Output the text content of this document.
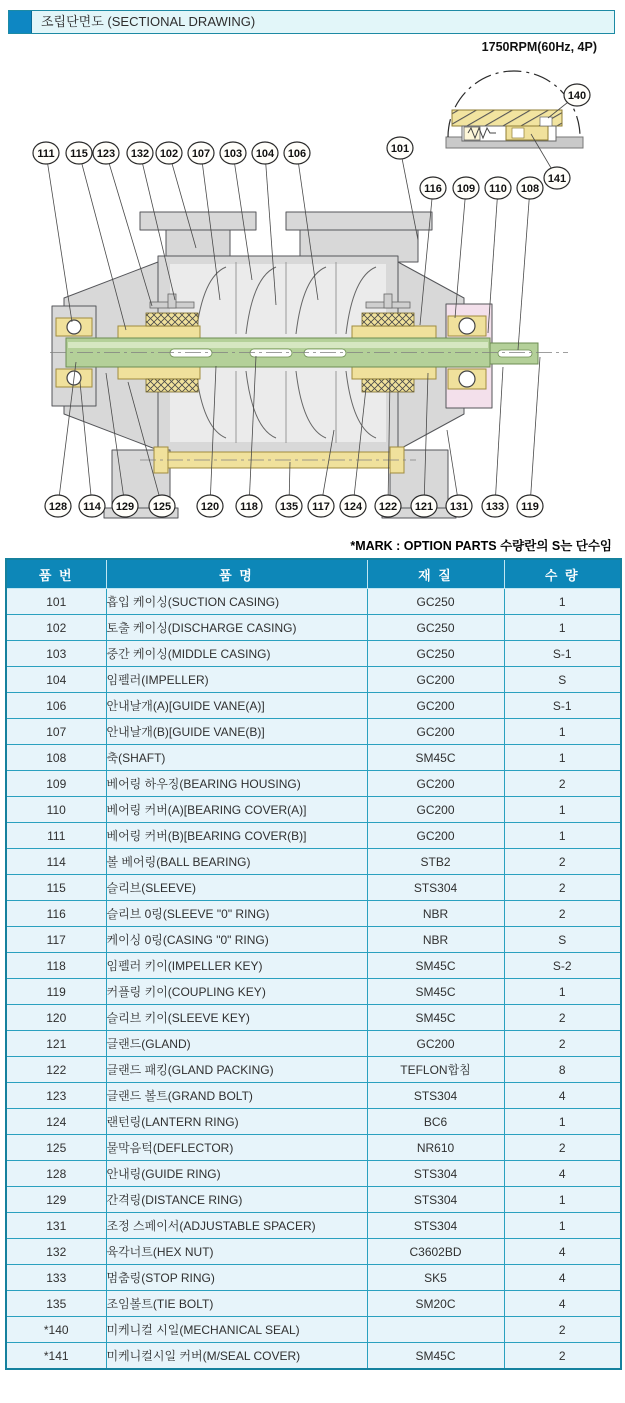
111 115 123 132 102 107 103 104 106	101
116 109 110 108
140
141
128 114 129 125	120 118 135 117 124 122 121 131 133 119
조립단면도 (SECTIONAL DRAWING)
1750RPM(60Hz, 4P)
*MARK : OPTION PARTS 수량란의 S는 단수임
품 번	품 명	재 질	수 량
101	흡입 케이싱(SUCTION CASING)	GC250	1
102	토출 케이싱(DISCHARGE CASING)	GC250	1
103	중간 케이싱(MIDDLE CASING)	GC250	S-1
104	임펠러(IMPELLER)	GC200	S
106	안내날개(A)[GUIDE VANE(A)]	GC200	S-1
107	안내날개(B)[GUIDE VANE(B)]	GC200	1
108	축(SHAFT)	SM45C	1
109	베어링 하우징(BEARING HOUSING)	GC200	2
110	베어링 커버(A)[BEARING COVER(A)]	GC200	1
111	베어링 커버(B)[BEARING COVER(B)]	GC200	1
114	볼 베어링(BALL BEARING)	STB2	2
115	슬리브(SLEEVE)	STS304	2
116	슬리브 0링(SLEEVE "0" RING)	NBR	2
117	케이싱 0링(CASING "0" RING)	NBR	S
118	임펠러 키이(IMPELLER KEY)	SM45C	S-2
119	커플링 키이(COUPLING KEY)	SM45C	1
120	슬리브 키이(SLEEVE KEY)	SM45C	2
121	글랜드(GLAND)	GC200	2
122	글랜드 패킹(GLAND PACKING)	TEFLON합침	8
123	글랜드 볼트(GRAND BOLT)	STS304	4
124	랜턴링(LANTERN RING)	BC6	1
125	물막음턱(DEFLECTOR)	NR610	2
128	안내링(GUIDE RING)	STS304	4
129	간격링(DISTANCE RING)	STS304	1
131	조정 스페이서(ADJUSTABLE SPACER)	STS304	1
132	육각너트(HEX NUT)	C3602BD	4
133	멈춤링(STOP RING)	SK5	4
135	조임볼트(TIE BOLT)	SM20C	4
*140	미케니컬 시일(MECHANICAL SEAL)		2
*141	미케니컬시일 커버(M/SEAL COVER)	SM45C	2
